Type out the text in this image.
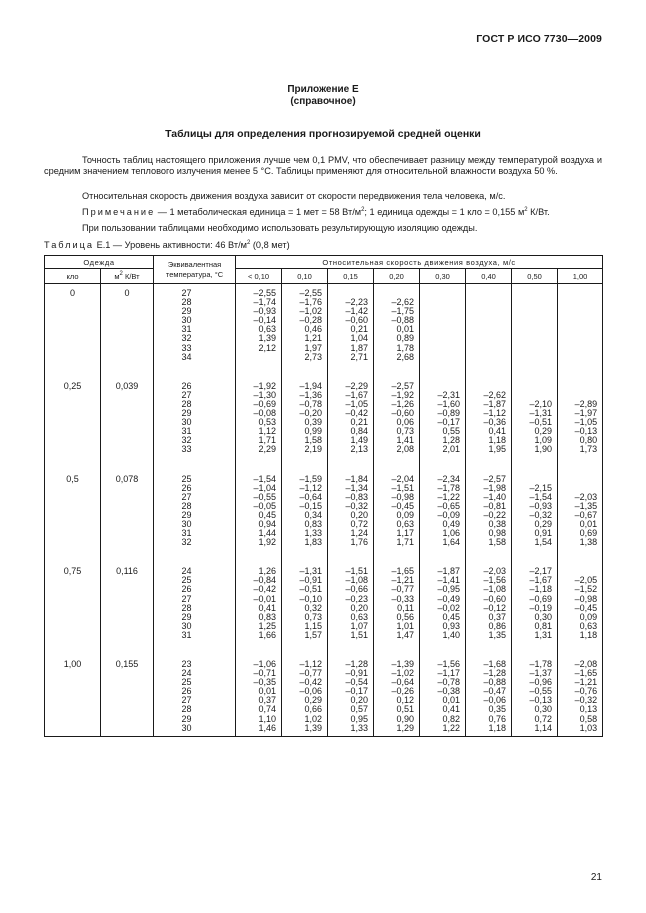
ГОСТ Р ИСО 7730—2009
Приложение Е
(справочное)
Таблицы для определения прогнозируемой средней оценки
Точность таблиц настоящего приложения лучше чем 0,1 PMV, что обеспечивает разницу между температурой воздуха и средним значением теплового излучения менее 5 °С. Таблицы применяют для относительной влажности воздуха 50 %.
Относительная скорость движения воздуха зависит от скорости передвижения тела человека, м/с.
Примечание — 1 метаболическая единица = 1 мет = 58 $Вт/м^2$; 1 единица одежды = 1 кло = 0,155 $м^2$ К/Вт.
При пользовании таблицами необходимо использовать результирующую изоляцию одежды.
Таблица Е.1 — Уровень активности: 46 $Вт/м^2$ (0,8 мет)
Одежда		Эквивалентная температура, °С	Относительная скорость движения воздуха, м/с							
кло	$м^2$ К/Вт		< 0,10	0,10	0,15	0,20	0,30	0,40	0,50	1,00

0	0	27	–2,55	–2,55						
		28	–1,74	–1,76	–2,23	–2,62				
		29	–0,93	–1,02	–1,42	–1,75				
		30	–0,14	–0,28	–0,60	–0,88				
		31	0,63	0,46	0,21	0,01				
		32	1,39	1,21	1,04	0,89				
		33	2,12	1,97	1,87	1,78				
		34		2,73	2,71	2,68				

0,25	0,039	26	–1,92	–1,94	–2,29	–2,57				
		27	–1,30	–1,36	–1,67	–1,92	–2,31	–2,62		
		28	–0,69	–0,78	–1,05	–1,26	–1,60	–1,87	–2,10	–2,89
		29	–0,08	–0,20	–0,42	–0,60	–0,89	–1,12	–1,31	–1,97
		30	0,53	0,39	0,21	0,06	–0,17	–0,36	–0,51	–1,05
		31	1,12	0,99	0,84	0,73	0,55	0,41	0,29	–0,13
		32	1,71	1,58	1,49	1,41	1,28	1,18	1,09	0,80
		33	2,29	2,19	2,13	2,08	2,01	1,95	1,90	1,73

0,5	0,078	25	–1,54	–1,59	–1,84	–2,04	–2,34	–2,57		
		26	–1,04	–1,12	–1,34	–1,51	–1,78	–1,98	–2,15	
		27	–0,55	–0,64	–0,83	–0,98	–1,22	–1,40	–1,54	–2,03
		28	–0,05	–0,15	–0,32	–0,45	–0,65	–0,81	–0,93	–1,35
		29	0,45	0,34	0,20	0,09	–0,09	–0,22	–0,32	–0,67
		30	0,94	0,83	0,72	0,63	0,49	0,38	0,29	0,01
		31	1,44	1,33	1,24	1,17	1,06	0,98	0,91	0,69
		32	1,92	1,83	1,76	1,71	1,64	1,58	1,54	1,38

0,75	0,116	24	1,26	–1,31	–1,51	–1,65	–1,87	–2,03	–2,17	
		25	–0,84	–0,91	–1,08	–1,21	–1,41	–1,56	–1,67	–2,05
		26	–0,42	–0,51	–0,66	–0,77	–0,95	–1,08	–1,18	–1,52
		27	–0,01	–0,10	–0,23	–0,33	–0,49	–0,60	–0,69	–0,98
		28	0,41	0,32	0,20	0,11	–0,02	–0,12	–0,19	–0,45
		29	0,83	0,73	0,63	0,56	0,45	0,37	0,30	0,09
		30	1,25	1,15	1,07	1,01	0,93	0,86	0,81	0,63
		31	1,66	1,57	1,51	1,47	1,40	1,35	1,31	1,18

1,00	0,155	23	–1,06	–1,12	–1,28	–1,39	–1,56	–1,68	–1,78	–2,08
		24	–0,71	–0,77	–0,91	–1,02	–1,17	–1,28	–1,37	–1,65
		25	–0,35	–0,42	–0,54	–0,64	–0,78	–0,88	–0,96	–1,21
		26	0,01	–0,06	–0,17	–0,26	–0,38	–0,47	–0,55	–0,76
		27	0,37	0,29	0,20	0,12	0,01	–0,06	–0,13	–0,32
		28	0,74	0,66	0,57	0,51	0,41	0,35	0,30	0,13
		29	1,10	1,02	0,95	0,90	0,82	0,76	0,72	0,58
		30	1,46	1,39	1,33	1,29	1,22	1,18	1,14	1,03
21
